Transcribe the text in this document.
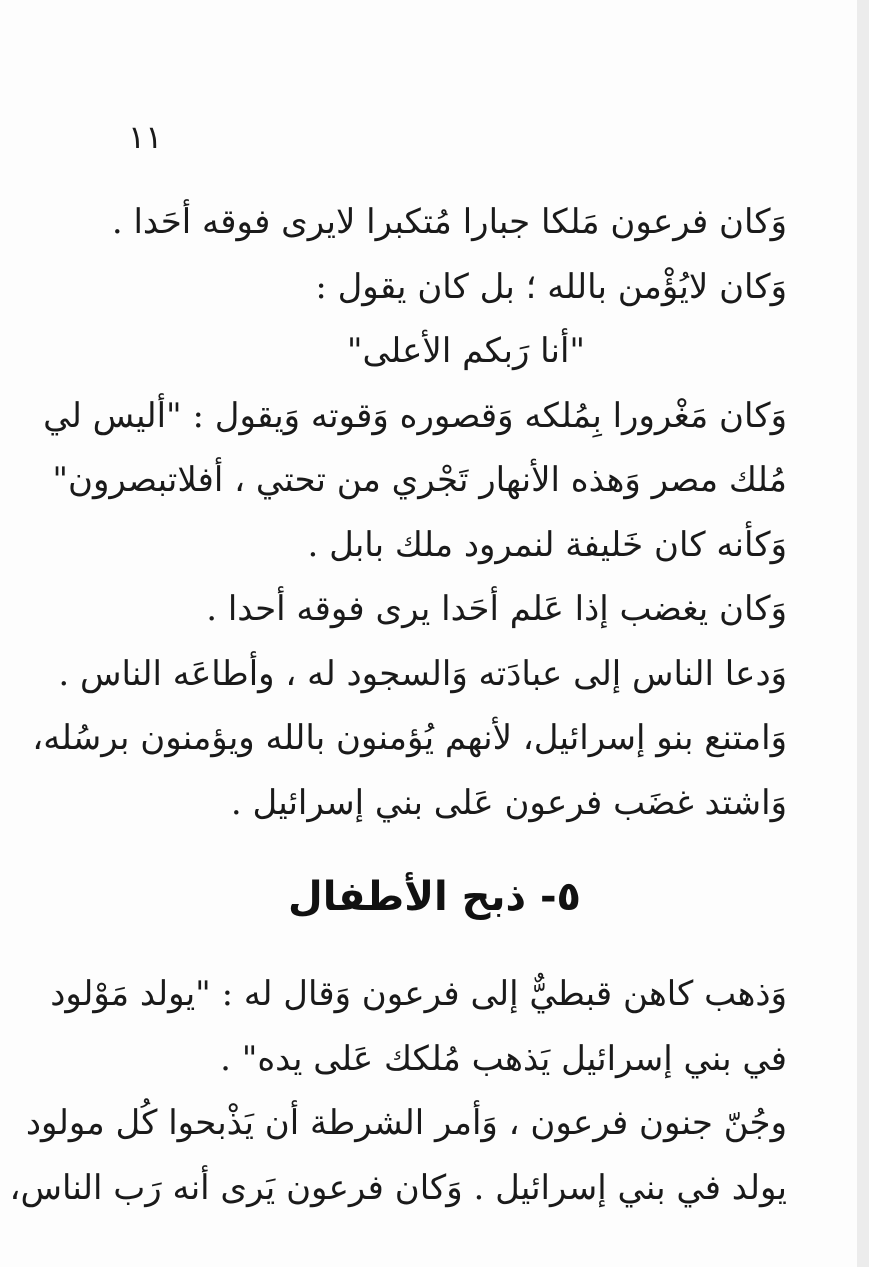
١١
وَكان فرعون مَلكا جبارا مُتكبرا لايرى فوقه أحَدا .
وَكان لايُؤْمن بالله ؛ بل كان يقول :
"أنا رَبكم الأعلى"
وَكان مَغْرورا بِمُلكه وَقصوره وَقوته وَيقول : "أليس لي
مُلك مصر وَهذه الأنهار تَجْري من تحتي ، أفلاتبصرون"
وَكأنه كان خَليفة لنمرود ملك بابل .
وَكان يغضب إذا عَلم أحَدا يرى فوقه أحدا .
وَدعا الناس إلى عبادَته وَالسجود له ، وأطاعَه الناس .
وَامتنع بنو إسرائيل، لأنهم يُؤمنون بالله ويؤمنون برسُله،
وَاشتد غضَب فرعون عَلى بني إسرائيل .
٥- ذبح الأطفال
وَذهب كاهن قبطيٌّ إلى فرعون وَقال له : "يولد مَوْلود
في بني إسرائيل يَذهب مُلكك عَلى يده" .
وجُنّ جنون فرعون ، وَأمر الشرطة أن يَذْبحوا كُل مولود
يولد في بني إسرائيل . وَكان فرعون يَرى أنه رَب الناس،
